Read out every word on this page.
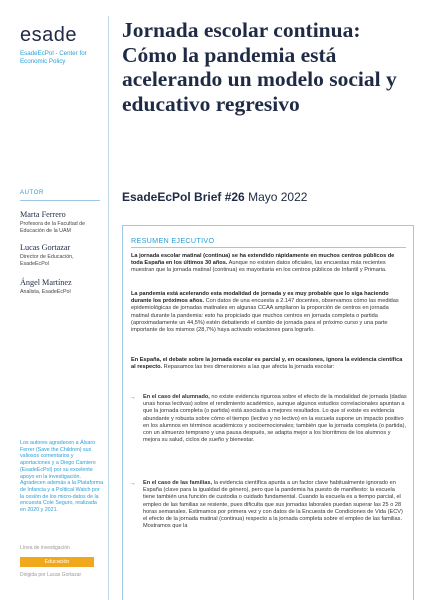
esade
EsadeEcPol - Center for Economic Policy
AUTOR
Marta Ferrero
Profesora de la Facultad de Educación de la UAM
Lucas Gortazar
Director de Educación, EsadeEcPol
Ángel Martínez
Analista, EsadeEcPol
Los autores agradecen a Álvaro Ferrer (Save the Children) sus valiosos comentarios y aportaciones y a Diego Camiero (EsadeEcPol) por su excelente apoyo en la investigación. Agradecen además a la Plataforma de Infancia y a Political Watch por la cesión de los micro-datos de la encuesta Cole Seguro, realizada en 2020 y 2021.
Línea de investigación
Educación
Dirigida por Lucas Gortazar
Jornada escolar continua: Cómo la pandemia está acelerando un modelo social y educativo regresivo
EsadeEcPol Brief #26 Mayo 2022
RESUMEN EJECUTIVO

La jornada escolar matinal (continua) se ha extendido rápidamente en muchos centros públicos de toda España en los últimos 30 años. Aunque no existen datos oficiales, las encuestas más recientes muestran que la jornada matinal (continua) es mayoritaria en los centros públicos de Infantil y Primaria.

La pandemia está acelerando esta modalidad de jornada y es muy probable que lo siga haciendo durante los próximos años. Con datos de una encuesta a 2.147 docentes, observamos cómo las medidas epidemiológicas de jornadas matinales en algunas CCAA ampliaron la proporción de centros en jornada matinal durante la pandemia: esto ha propiciado que muchos centros en jornada completa o partida (aproximadamente un 44,5%) estén debatiendo el cambio de jornada para el próximo curso y una parte importante de los mismos (28,7%) haya activado votaciones para lograrlo.

En España, el debate sobre la jornada escolar es parcial y, en ocasiones, ignora la evidencia científica al respecto. Repasamos las tres dimensiones a las que afecta la jornada escolar:

→	En el caso del alumnado, no existe evidencia rigurosa sobre el efecto de la modalidad de jornada (dadas unas horas lectivas) sobre el rendimiento académico, aunque algunos estudios correlacionales apuntan a que la jornada completa (o partida) está asociada a mejores resultados. Lo que sí existe es evidencia abundante y robusta sobre cómo el tiempo (lectivo y no lectivo) en la escuela supone un impacto positivo en los alumnos en términos académicos y socioemocionales; también que la jornada completa (o partida), con un almuerzo temprano y una pausa después, se adapta mejor a los biorritmos de los alumnos y mejora su salud, ciclos de sueño y bienestar.
→	En el caso de las familias, la evidencia científica apunta a un factor clave habitualmente ignorado en España (clave para la igualdad de género), pero que la pandemia ha puesto de manifiesto: la escuela tiene también una función de custodia o cuidado fundamental. Cuando la escuela es a tiempo parcial, el empleo de las familias se resiente, pues dificulta que sus jornadas laborales puedan superar las 25 o 28 horas semanales. Estimamos por primera vez y con datos de la Encuesta de Condiciones de Vida (ECV) el efecto de la jornada matinal (continua) respecto a la jornada completa sobre el empleo de las familias. Mostramos que la
